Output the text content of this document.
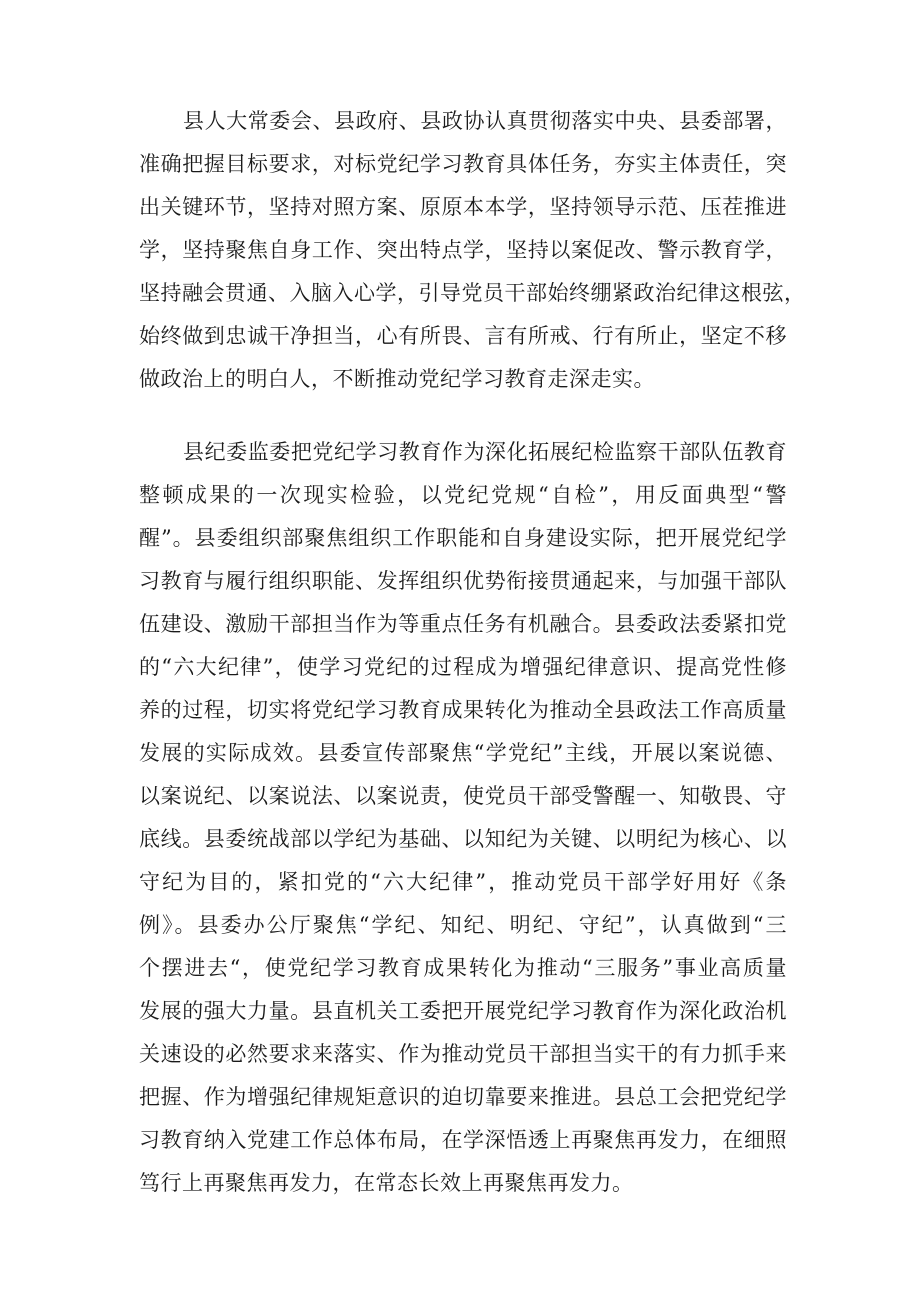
县人大常委会、县政府、县政协认真贯彻落实中央、县委部署，
准确把握目标要求，对标党纪学习教育具体任务，夯实主体责任，突
出关键环节，坚持对照方案、原原本本学，坚持领导示范、压茬推进
学，坚持聚焦自身工作、突出特点学，坚持以案促改、警示教育学，
坚持融会贯通、入脑入心学，引导党员干部始终绷紧政治纪律这根弦，
始终做到忠诚干净担当，心有所畏、言有所戒、行有所止，坚定不移
做政治上的明白人，不断推动党纪学习教育走深走实。
县纪委监委把党纪学习教育作为深化拓展纪检监察干部队伍教育
整顿成果的一次现实检验，以党纪党规“自检”，用反面典型“警
醒”。县委组织部聚焦组织工作职能和自身建设实际，把开展党纪学
习教育与履行组织职能、发挥组织优势衔接贯通起来，与加强干部队
伍建设、激励干部担当作为等重点任务有机融合。县委政法委紧扣党
的“六大纪律”，使学习党纪的过程成为增强纪律意识、提高党性修
养的过程，切实将党纪学习教育成果转化为推动全县政法工作高质量
发展的实际成效。县委宣传部聚焦“学党纪”主线，开展以案说德、
以案说纪、以案说法、以案说责，使党员干部受警醒一、知敬畏、守
底线。县委统战部以学纪为基础、以知纪为关键、以明纪为核心、以
守纪为目的，紧扣党的“六大纪律”，推动党员干部学好用好《条
例》。县委办公厅聚焦“学纪、知纪、明纪、守纪”，认真做到“三
个摆进去“，使党纪学习教育成果转化为推动“三服务”事业高质量
发展的强大力量。县直机关工委把开展党纪学习教育作为深化政治机
关速设的必然要求来落实、作为推动党员干部担当实干的有力抓手来
把握、作为增强纪律规矩意识的迫切靠要来推进。县总工会把党纪学
习教育纳入党建工作总体布局，在学深悟透上再聚焦再发力，在细照
笃行上再聚焦再发力，在常态长效上再聚焦再发力。
